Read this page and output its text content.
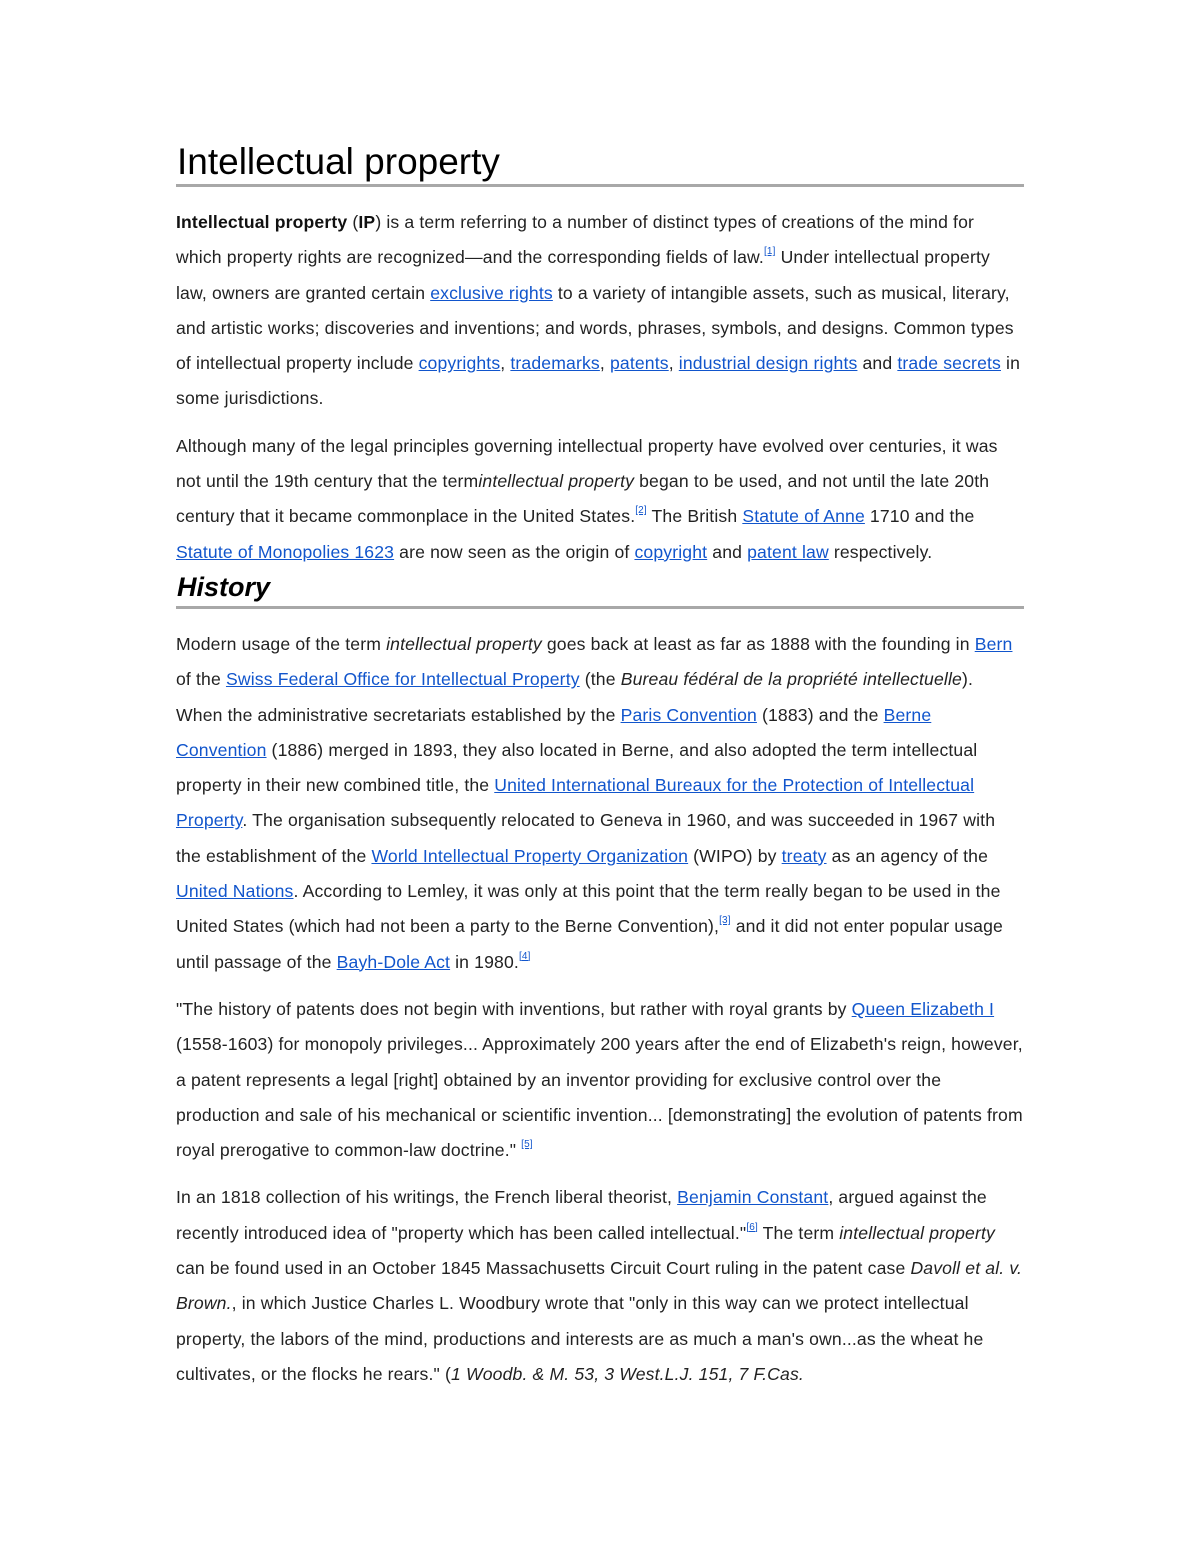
Intellectual property

Intellectual property (IP) is a term referring to a number of distinct types of creations of the mind for which property rights are recognized—and the corresponding fields of law.[1] Under intellectual property law, owners are granted certain exclusive rights to a variety of intangible assets, such as musical, literary, and artistic works; discoveries and inventions; and words, phrases, symbols, and designs. Common types of intellectual property include copyrights, trademarks, patents, industrial design rights and trade secrets in some jurisdictions.

Although many of the legal principles governing intellectual property have evolved over centuries, it was not until the 19th century that the termintellectual property began to be used, and not until the late 20th century that it became commonplace in the United States.[2] The British Statute of Anne 1710 and the Statute of Monopolies 1623 are now seen as the origin of copyright and patent law respectively.

History

Modern usage of the term intellectual property goes back at least as far as 1888 with the founding in Bern of the Swiss Federal Office for Intellectual Property (the Bureau fédéral de la propriété intellectuelle). When the administrative secretariats established by the Paris Convention (1883) and the Berne Convention (1886) merged in 1893, they also located in Berne, and also adopted the term intellectual property in their new combined title, the United International Bureaux for the Protection of Intellectual Property. The organisation subsequently relocated to Geneva in 1960, and was succeeded in 1967 with the establishment of the World Intellectual Property Organization (WIPO) by treaty as an agency of the United Nations. According to Lemley, it was only at this point that the term really began to be used in the United States (which had not been a party to the Berne Convention),[3] and it did not enter popular usage until passage of the Bayh-Dole Act in 1980.[4]

"The history of patents does not begin with inventions, but rather with royal grants by Queen Elizabeth I (1558-1603) for monopoly privileges... Approximately 200 years after the end of Elizabeth's reign, however, a patent represents a legal [right] obtained by an inventor providing for exclusive control over the production and sale of his mechanical or scientific invention... [demonstrating] the evolution of patents from royal prerogative to common-law doctrine." [5]

In an 1818 collection of his writings, the French liberal theorist, Benjamin Constant, argued against the recently introduced idea of "property which has been called intellectual."[6] The term intellectual property can be found used in an October 1845 Massachusetts Circuit Court ruling in the patent case Davoll et al. v. Brown., in which Justice Charles L. Woodbury wrote that "only in this way can we protect intellectual property, the labors of the mind, productions and interests are as much a man's own...as the wheat he cultivates, or the flocks he rears." (1 Woodb. & M. 53, 3 West.L.J. 151, 7 F.Cas.
